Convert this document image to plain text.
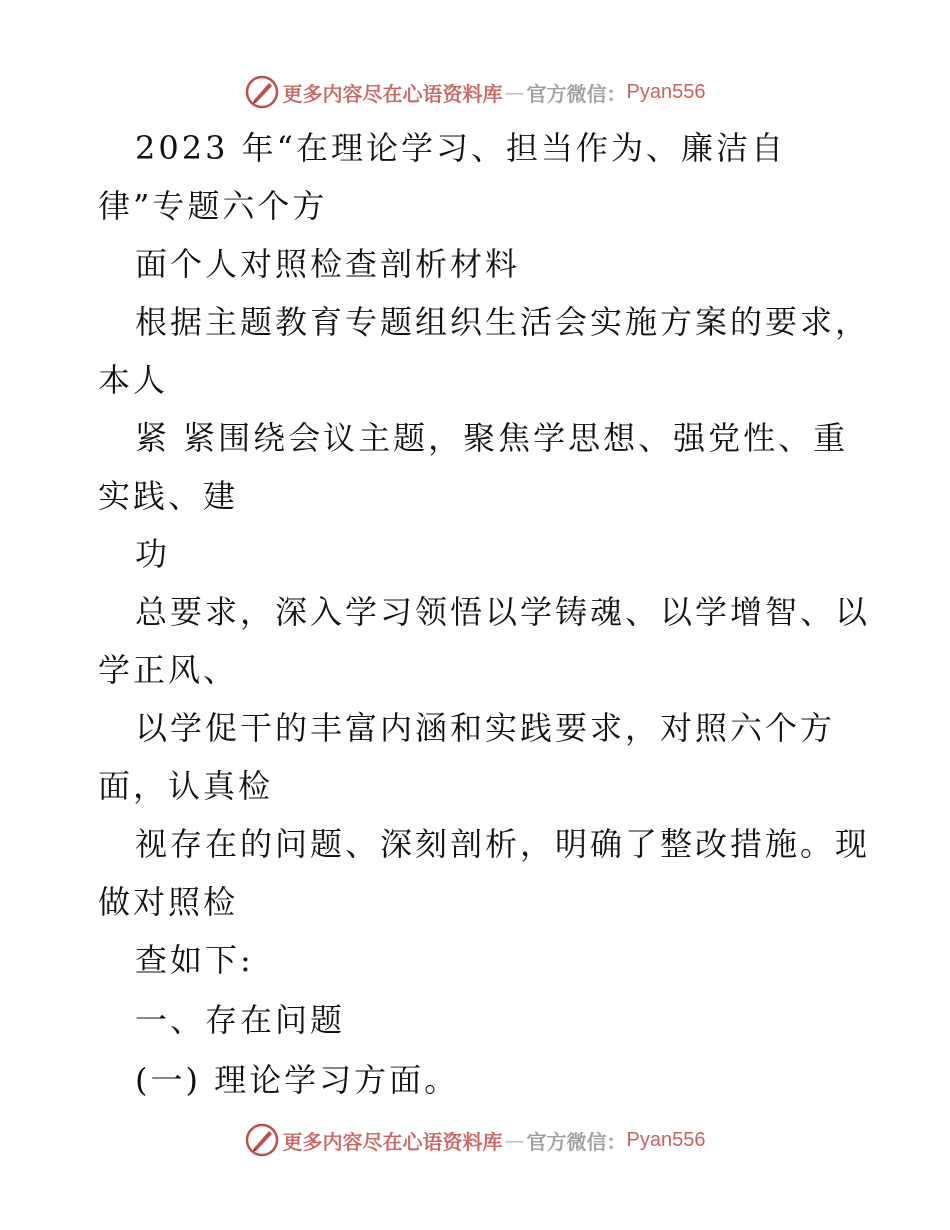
更多内容尽在心语资料库 — 官方微信： Pyan556
2023 年“在理论学习、担当作为、廉洁自
律”专题六个方
面个人对照检查剖析材料
根据主题教育专题组织生活会实施方案的要求，
本人
紧 紧围绕会议主题，聚焦学思想、强党性、重
实践、建
功
总要求，深入学习领悟以学铸魂、以学增智、以
学正风、
以学促干的丰富内涵和实践要求，对照六个方
面，认真检
视存在的问题、深刻剖析，明确了整改措施。现
做对照检
查如下:
一、存在问题
(一) 理论学习方面。
更多内容尽在心语资料库 — 官方微信： Pyan556
